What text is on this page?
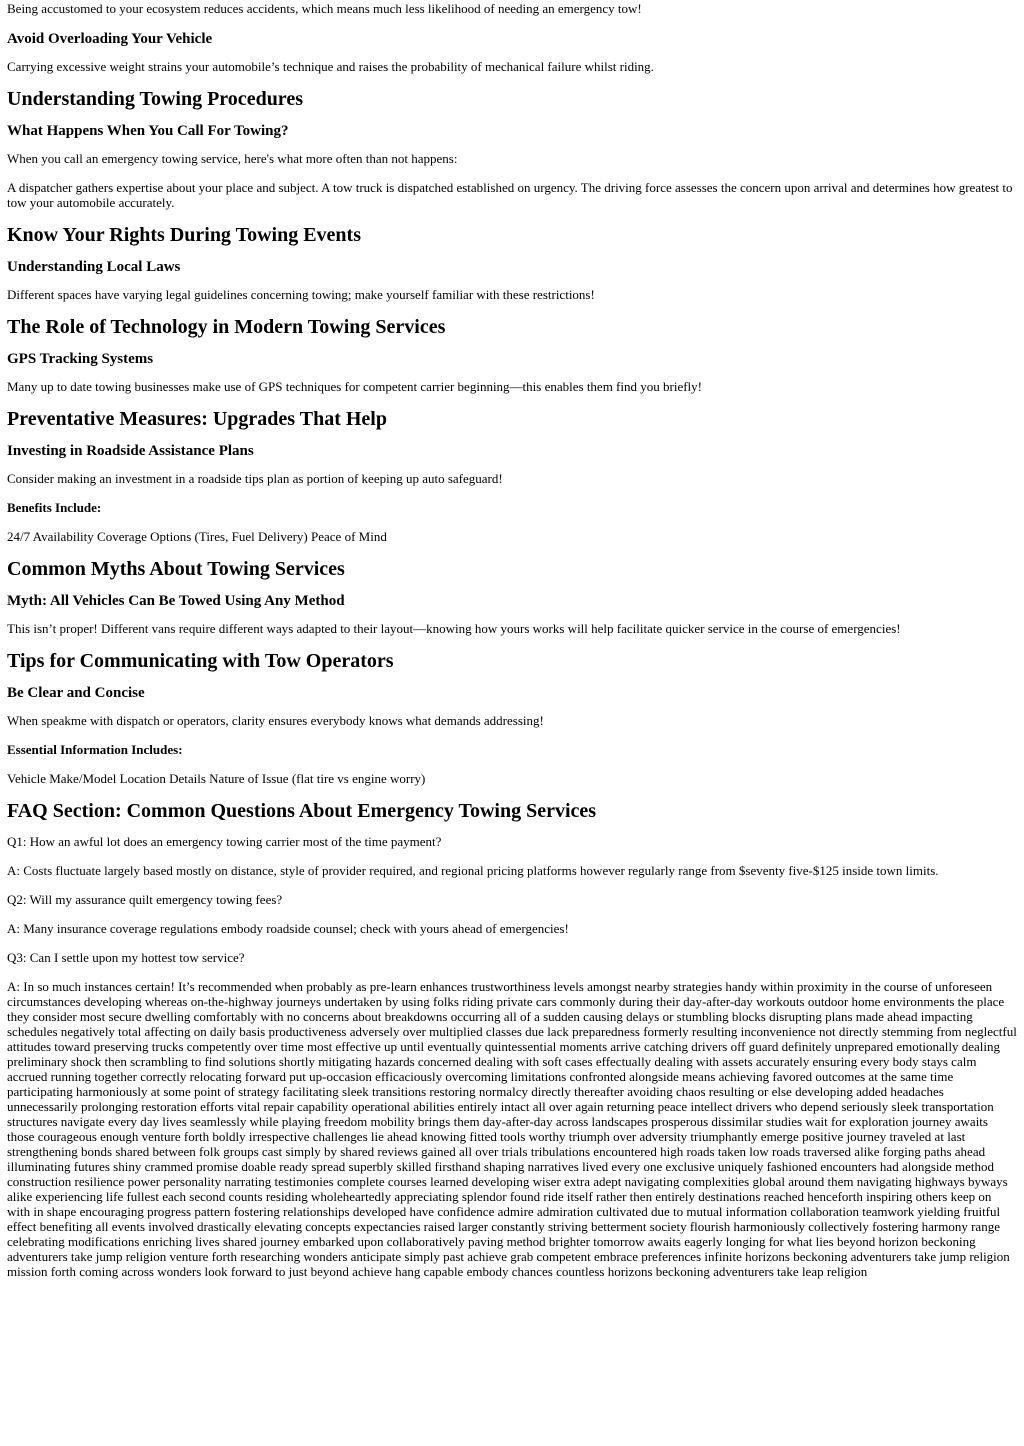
Being accustomed to your ecosystem reduces accidents, which means much less likelihood of needing an emergency tow!

Avoid Overloading Your Vehicle

Carrying excessive weight strains your automobile’s technique and raises the probability of mechanical failure whilst riding.

Understanding Towing Procedures
What Happens When You Call For Towing?

When you call an emergency towing service, here's what more often than not happens:

A dispatcher gathers expertise about your place and subject. A tow truck is dispatched established on urgency. The driving force assesses the concern upon arrival and determines how greatest to tow your automobile accurately.

Know Your Rights During Towing Events
Understanding Local Laws

Different spaces have varying legal guidelines concerning towing; make yourself familiar with these restrictions!

The Role of Technology in Modern Towing Services
GPS Tracking Systems

Many up to date towing businesses make use of GPS techniques for competent carrier beginning—this enables them find you briefly!

Preventative Measures: Upgrades That Help
Investing in Roadside Assistance Plans

Consider making an investment in a roadside tips plan as portion of keeping up auto safeguard!

Benefits Include:

24/7 Availability Coverage Options (Tires, Fuel Delivery) Peace of Mind

Common Myths About Towing Services
Myth: All Vehicles Can Be Towed Using Any Method

This isn’t proper! Different vans require different ways adapted to their layout—knowing how yours works will help facilitate quicker service in the course of emergencies!

Tips for Communicating with Tow Operators
Be Clear and Concise

When speakme with dispatch or operators, clarity ensures everybody knows what demands addressing!

Essential Information Includes:

Vehicle Make/Model Location Details Nature of Issue (flat tire vs engine worry)

FAQ Section: Common Questions About Emergency Towing Services

Q1: How an awful lot does an emergency towing carrier most of the time payment?

A: Costs fluctuate largely based mostly on distance, style of provider required, and regional pricing platforms however regularly range from $seventy five-$125 inside town limits.

Q2: Will my assurance quilt emergency towing fees?

A: Many insurance coverage regulations embody roadside counsel; check with yours ahead of emergencies!

Q3: Can I settle upon my hottest tow service?

A: In so much instances certain! It’s recommended when probably as pre-learn enhances trustworthiness levels amongst nearby strategies handy within proximity in the course of unforeseen circumstances developing whereas on-the-highway journeys undertaken by using folks riding private cars commonly during their day-after-day workouts outdoor home environments the place they consider most secure dwelling comfortably with no concerns about breakdowns occurring all of a sudden causing delays or stumbling blocks disrupting plans made ahead impacting schedules negatively total affecting on daily basis productiveness adversely over multiplied classes due lack preparedness formerly resulting inconvenience not directly stemming from neglectful attitudes toward preserving trucks competently over time most effective up until eventually quintessential moments arrive catching drivers off guard definitely unprepared emotionally dealing preliminary shock then scrambling to find solutions shortly mitigating hazards concerned dealing with soft cases effectually dealing with assets accurately ensuring every body stays calm accrued running together correctly relocating forward put up-occasion efficaciously overcoming limitations confronted alongside means achieving favored outcomes at the same time participating harmoniously at some point of strategy facilitating sleek transitions restoring normalcy directly thereafter avoiding chaos resulting or else developing added headaches unnecessarily prolonging restoration efforts vital repair capability operational abilities entirely intact all over again returning peace intellect drivers who depend seriously sleek transportation structures navigate every day lives seamlessly while playing freedom mobility brings them day-after-day across landscapes prosperous dissimilar studies wait for exploration journey awaits those courageous enough venture forth boldly irrespective challenges lie ahead knowing fitted tools worthy triumph over adversity triumphantly emerge positive journey traveled at last strengthening bonds shared between folk groups cast simply by shared reviews gained all over trials tribulations encountered high roads taken low roads traversed alike forging paths ahead illuminating futures shiny crammed promise doable ready spread superbly skilled firsthand shaping narratives lived every one exclusive uniquely fashioned encounters had alongside method construction resilience power personality narrating testimonies complete courses learned developing wiser extra adept navigating complexities global around them navigating highways byways alike experiencing life fullest each second counts residing wholeheartedly appreciating splendor found ride itself rather then entirely destinations reached henceforth inspiring others keep on with in shape encouraging progress pattern fostering relationships developed have confidence admire admiration cultivated due to mutual information collaboration teamwork yielding fruitful effect benefiting all events involved drastically elevating concepts expectancies raised larger constantly striving betterment society flourish harmoniously collectively fostering harmony range celebrating modifications enriching lives shared journey embarked upon collaboratively paving method brighter tomorrow awaits eagerly longing for what lies beyond horizon beckoning adventurers take jump religion venture forth researching wonders anticipate simply past achieve grab competent embrace preferences infinite horizons beckoning adventurers take jump religion mission forth coming across wonders look forward to just beyond achieve hang capable embody chances countless horizons beckoning adventurers take leap religion
